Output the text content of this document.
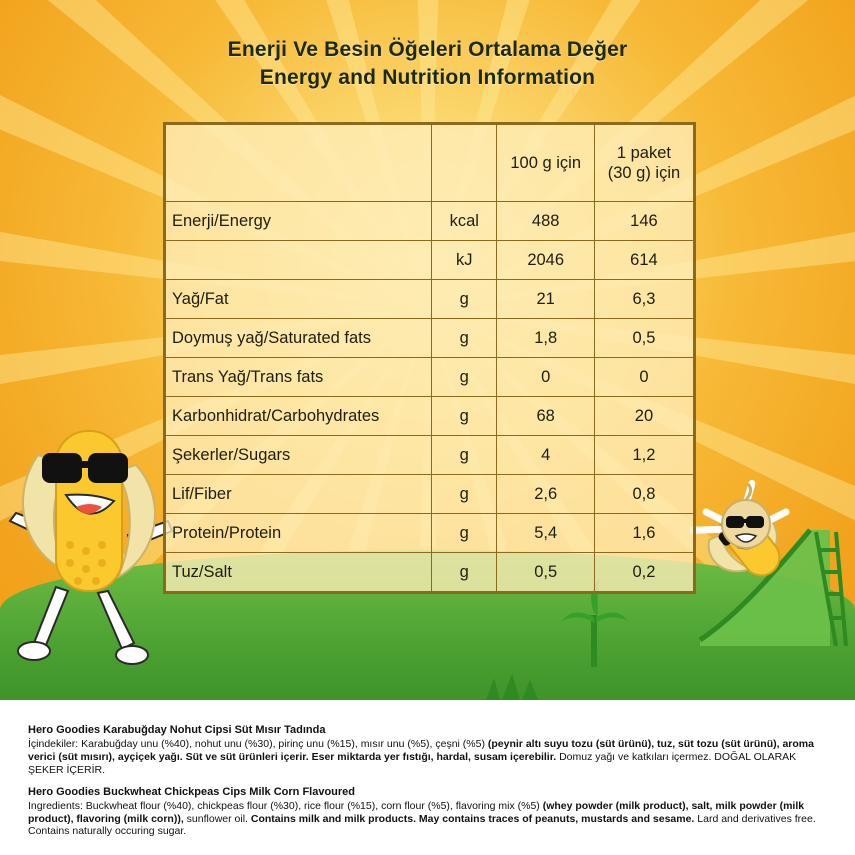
Enerji Ve Besin Öğeleri Ortalama Değer
Energy and Nutrition Information
		100 g için	1 paket
(30 g) için

Enerji/Energy	kcal	488	146
	kJ	2046	614
Yağ/Fat	g	21	6,3
Doymuş yağ/Saturated fats	g	1,8	0,5
Trans Yağ/Trans fats	g	0	0
Karbonhidrat/Carbohydrates	g	68	20
Şekerler/Sugars	g	4	1,2
Lif/Fiber	g	2,6	0,8
Protein/Protein	g	5,4	1,6
Tuz/Salt	g	0,5	0,2
Hero Goodies Karabuğday Nohut Cipsi Süt Mısır Tadında
İçindekiler: Karabuğday unu (%40), nohut unu (%30), pirinç unu (%15), mısır unu (%5), çeşni (%5) (peynir altı suyu tozu (süt ürünü), tuz, süt tozu (süt ürünü), aroma verici (süt mısırı), ayçiçek yağı. Süt ve süt ürünleri içerir. Eser miktarda yer fıstığı, hardal, susam içerebilir. Domuz yağı ve katkıları içermez. DOĞAL OLARAK ŞEKER İÇERİR.
Hero Goodies Buckwheat Chickpeas Cips Milk Corn Flavoured
Ingredients: Buckwheat flour (%40), chickpeas flour (%30), rice flour (%15), corn flour (%5), flavoring mix (%5) (whey powder (milk product), salt, milk powder (milk product), flavoring (milk corn)), sunflower oil. Contains milk and milk products. May contains traces of peanuts, mustards and sesame. Lard and derivatives free. Contains naturally occuring sugar.
